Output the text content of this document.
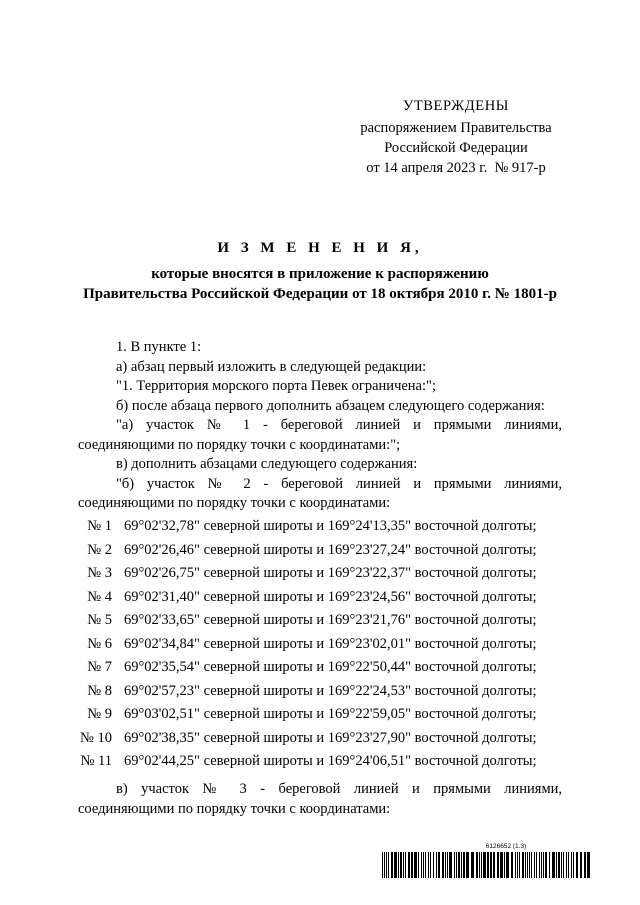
УТВЕРЖДЕНЫ
распоряжением Правительства
Российской Федерации
от 14 апреля 2023 г.  № 917-р
И З М Е Н Е Н И Я,
которые вносятся в приложение к распоряжению
Правительства Российской Федерации от 18 октября 2010 г. № 1801-р
1. В пункте 1:
а) абзац первый изложить в следующей редакции:
"1. Территория морского порта Певек ограничена:";
б) после абзаца первого дополнить абзацем следующего содержания:
"а) участок № 1 - береговой линией и прямыми линиями,
соединяющими по порядку точки с координатами:";
в) дополнить абзацами следующего содержания:
"б) участок № 2 - береговой линией и прямыми линиями,
соединяющими по порядку точки с координатами:
№ 1 69°02'32,78" северной широты и 169°24'13,35" восточной долготы;
№ 2 69°02'26,46" северной широты и 169°23'27,24" восточной долготы;
№ 3 69°02'26,75" северной широты и 169°23'22,37" восточной долготы;
№ 4 69°02'31,40" северной широты и 169°23'24,56" восточной долготы;
№ 5 69°02'33,65" северной широты и 169°23'21,76" восточной долготы;
№ 6 69°02'34,84" северной широты и 169°23'02,01" восточной долготы;
№ 7 69°02'35,54" северной широты и 169°22'50,44" восточной долготы;
№ 8 69°02'57,23" северной широты и 169°22'24,53" восточной долготы;
№ 9 69°03'02,51" северной широты и 169°22'59,05" восточной долготы;
№ 10 69°02'38,35" северной широты и 169°23'27,90" восточной долготы;
№ 11 69°02'44,25" северной широты и 169°24'06,51" восточной долготы;
в) участок № 3 - береговой линией и прямыми линиями,
соединяющими по порядку точки с координатами:
6126652 (1.3)
